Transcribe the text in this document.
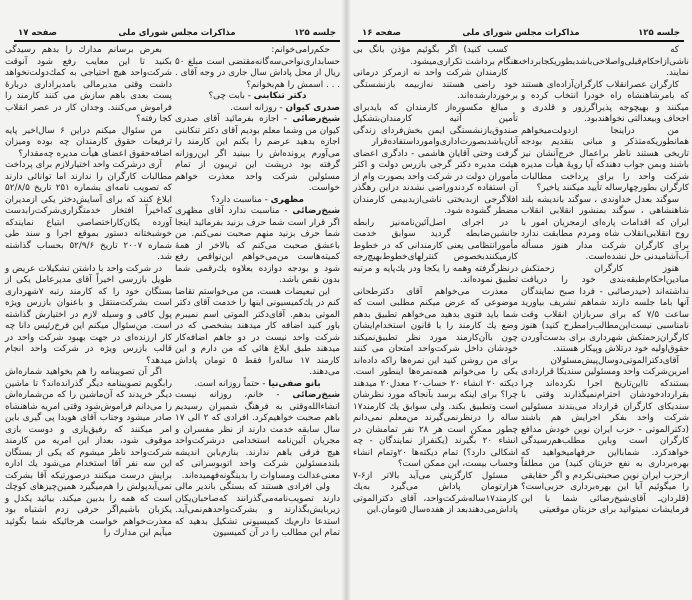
جلسه ۱۲۵
مذاکرات مجلس شورای ملی
صفحه ۱۷	جلسه ۱۲۵
مذاکرات مجلس شورای ملی
صفحه ۱۶

بعرض برسانم مدارك را بدهم رسیدگی بکنید تا این معایب رفع شود آنوقت شرکت‌واحد هیچ احتیاجی به کمك‌دولت‌نخواهد داشت وقتی مدیرمالی بامدیراداری دربارهٔ پست بعدی باهم سازش می کنند کارمند را فراموش می‌کنند. وجدان کار در عصر انقلاب کجا رفته؟

من سئوال میکنم دراین ۶ سال‌اخیر پایه ترفیعات حقوق کارمندان چه بوده ومیزان اضافه‌حقوق اعضای هیأت مدیره چه‌مقدار؟

آری درشرکت واحد اختیارلازم برای پرداخت مطالبات کارگران را ندارند اما توانائی دارند که تصویب نامه‌ای بشماره ۲۵۱ تاریخ ۵۲/۸/۵ ابلاغ کنند که برای آسایش‌دختر یکی ازمدیران که‌اخیراً افتخار خدمتگزاری‌شرکت‌رابدست آورده یکان‌کار‌اختصاصی ابتیاع نمایندکه خوشبختانه دستور بموقع اجرا و سند طی شماره ۲۰۰۷ تاریخ ۵۲/۹/۶ بحساب گذاشته شد.

در شرکت واحد با داشتن تشکیلات عریض و طویل بازرسی اخیراً آقای مدیرعامل یکی از بستگان خود را که کارمند رتبه ۷شهرداری است بشرکت‌منتقل و باعنوان بازرس ویژه پول کافی و وسیله لازم در اختیارش گذاشته است. من‌سئوال میکنم این فرخ‌رئیس دانا چه کار ارزنده‌ای در جهت بهبود شرکت واحد در قالب بازرس ویژه در شرکت واحد انجام میدهد؟

اگر آن تصویبنامه را هم بخواهید شماره‌اش رابگویم تصویبنامه دیگر گذرانده‌اند؟ تا ماشین دیگر خریدند که آن‌ماشین را که من‌شماره‌اش را می‌دانم فراموش‌شود وقتی امریه شاهنشاه صادر میشود وجناب آقای هویدا پی گیری باین امر میکنند که رفیق‌بازی و دوست بازی موقوف شود، بعداز این امریه من کارمند شرکت‌واحد ناظر میشوم که یکی از بستگان این سه نفر آقا استخدام می‌شود یك اداره برایش درست میکنند درصورتیکه آقا بشرکت نمی‌آیدپولش را هم‌میگیرد همین‌چیزهای کوچك است که همه را بدبین میکند. بیائید یکدل و یکزبان باشیم‌اگر حرفی زدم اشتباه بود معذرت‌خواهم خواست هرجائیکه شما بگوئید میآیم این مدارك را

حکم‌رامی‌خوانم: حسابداری‌نواحی‌سه‌گانه‌مقتضی است مبلغ ۵۰ ریال از محل پاداش سال جاری در وجه آقای . . . . اسمش را هم‌بخوانم؟

دکتر تنکابنی - بابت چی؟

صدری کیوان - روزانه است.

شیخ‌رضائی - اجازه بفرمائید آقای صدری کیوان من وشما معلم بودیم آقای دکتر تنکابنی اجازه بدهید عرضم را بکنم این کارمند را می‌آورم پرونده‌اش را ببینید اگر این‌روزانه گرفته بود درپشت این تریبون از تمام مسئولین شرکت واحد معذرت خواهم خواست.

مظهری - مناسبت دارد؟

شیخ‌رضائی - مناسبت ندارد آقای مظهری اگر قرار است شما حرف بزنید بفرمائید اینجا شما حرف بزنید منهم صحبت نمی‌کنم. من باعشق صحبت می‌کنم که بالاخر از همهٔ کمیته‌هاست من‌می‌خواهم این‌نواقص رفع شود و بودجه دوازده بعلاوه یك‌رقمی شما بدون نقص باشد.

این تبعیضات هست، من می‌خواستم تقاضا کنم در یك‌کمیسیونی اینها را خدمت آقای دکتر الموتی بدهم. آقای‌دکتر الموتی اسم نمیبرم باور کنید اضافه کار میدهند بشخصی که در شرکت واحد نیست در دو جا‌هم اضافه‌کار میدهند طبق ابلاغ هائی که من دارم و این کارمند ۱۷ ساله‌را فقط ۵ تومان پاداش می‌دهند.

بانو صفی‌نیا - حتماً روزانه است.

شیخ‌رضائی - خانم، روزانه نیست انشاءالله‌وقتی به فرهنگ شمیران رسیدیم باهم صحبت خواهیم‌کرد. افرادی که ۲ الی ۱۷ سال سابقه خدمت دارند از نظر مفسران و مجریان آئین‌نامه استخدامی درشرکت‌واحد هیچ فرقی باهم ندارند. بنازم‌بابن اندیشه بلندمسئولین شرکت واحد اتوبوسرانی که معنی‌عدالت ومساوات را بدینگونه‌فهمیده‌اند.

ولی افرادی هستند که بستگی باندیر مالی دارند تصویب‌نامه‌می‌گذرانند که‌صاحبان‌یکان زیربایش‌بگذارند و بشرکت‌واحدهم‌نمی‌آید. استدعا دارم‌یك کمیسیونی تشکیل بدهید که تمام این مطالب را در آن کمیسیون

کسب کنید) اگر بگوئیم مؤذن بانگ بی هنگام برداشت تکراری‌میشود.

کارمندان شرکت واحد نه ازمرکز درمانی خود راضی هستند نه‌ازبیمه بازنشستگی برخوردارشده‌اند.

مبالغ مکسوره‌از کارمندان که بایدبرای تأمین آتیه کارمندان‌بتشکیل صندوق‌بازنشستگی ایمن بخش‌فردای زندگی آنان‌باشد‌بصورت‌اداری‌وامورد‌استفاده‌قرار گرفت وحتی آقایان هاشمی - دادگری اعضای هیئت مدیره دکتر گرجی بازرس دولت و اکثر مأموران دولت در شرکت واحد بصورت وام از آن استفاده کردندوراضی نشدند دراین رهگذر افلاگرجی ازبدبختی ناشی‌ازبدبیمی کارمندان مضطر گشوده شود.

در اجرای اصل‌آئین‌نامه‌نیز رابطه جانشین‌ضابطه گردید سوابق خدمت مأمورانتظامی یعنی کارمندانی که در خطوط کارمیکنند‌بخصوص کنترلهای‌خطوط‌بهیچ‌رجه درنظرگرفته وهمه را یکجا ودر یك‌پایه و مرتبه تطبیق نموده‌اند.

معذرت می‌خواهم آقای دکترطحانی موضوعی که عرض میکنم مطلبی است که شما باید فتوی بدهید می‌خواهم تطبیق بدهم وضع یك کارمند را با قانون استخدام‌ایشان چون باآن‌کارمند مورد نظر تطبیق‌نمیکند خودشان داخل شرکت‌واحد امتحان می کنند برای من روشن کنید این نمره‌ها راکه داده‌اند یکی را می‌خوانم همه‌نمره‌ها اینطور است. دیکته ۲۰ انشاء ۲۰ حساب۲۰ معدل۲۰ میدهند چرا؟ برای اینکه برسد بآنجاکه مورد نظرشان است وتطبیق بکند. ولی سوابق یك کارمند۱۷ ساله را درنظرنمی‌گیرند من‌معلم نمی‌دانم چطور ممکن است هر ۲۸ نفر تمامشان در انشاء ۲۰ بگیرند (یکنفراز نمایندگان - چه اشکالی دارد؟) تمام دیکته‌ها ۲۰وتمام انشاء وحساب بیست، این ممکن است؟

مسئول کارگزینی می‌آید بالاتر از۶-۷ هزارتومان پاداش می‌گیرد به‌یك کارمند۱۷ساله‌شرکت‌واحد، آقای دکترالموتی پاداش‌می‌دهندبعد از هفده‌سال ۵تومان.این

که ناشی‌ازاحکام‌قبلی‌واصلاحی‌باشدبطوریکجابرداخت نمایند.

کارگران عصرانقلاب کارگران‌آزاده‌ای هستند که بامرشاهنشاه راه خودرا انتخاب کرده و میکنند و بهیچوجه پذیراگرزور و قلدری و اجحاف وبیعدالتی نخواهندبود.

من دراینجا ازدولت‌میخواهم همانطوریکه‌متذکر و مبانی بتقدیم بودجه تاریخی هستند ناظر براعمال خرج‌آنشان نیز باشند وبمن جواب دهندکه آیا رویهٔ هیأت مدیره شرکت واحد را برای پرداخت مطالبات کارگران بطورچهارساله تأیید میکنند یاخیر؟

سوگند بعدل خداوندی ، سوگند باندیشه بلند شاهنشاهی ، سوگند بمنشور انقلابی انقلاب ایران که اقدامات پاره‌ای ازمجریان امور با روح انقلابی‌انقلاب شاه ومردم مطابقت ندارد برای کارگران شرکت مدار هنوز مسأله آب‌آشامیدنی حل نشده‌است.

هنوز کارگران زحمتکش مبادین‌احکام‌طبقه‌بندی خود را دریافت نداشته‌اند (حیدرصائبی - فردا صبح نمایندگان آنها باما جلسه دارند شماهم تشریف بیاورید ساعت ۷/۵ که برای سربازان انقلاب وقت نامناسبی نیست‌این‌مطالب‌را‌مطرح کنید) هنوز کارگران‌زحمتکش شهرداری برای بدست‌آوردن حقوق‌اولیه خود درتلاش وپیکار هستند.

آقای‌دکترالموتی‌دوسال‌پیش‌مسئولان امرین‌شرکت واحد ومسئولین سندیکا قراردادی بستندکه تااین‌تاریخ اجرا نکرده‌اند چرا بقراردادخودشان احترام‌نمیگذارند وقتی با سندیکای کارگران قرارداد می‌بندند مسئولین شرکت واحد بفکر اجرایش هم باشند (دکترالموتی - حزب ایران نوین خودش مدافع کارگران است وباین مطلب‌هم‌رسیدگی خواهدکرد. شمابااین حرفهامیخواهید که بهره‌برداری به نفع حزبتان کنید) من مطلقاً ازحزب ایران نوین صحبتی‌نکردم و اگر حقایقی را میگوئیم آیا این بهره‌برداری حزبی‌است؟(قلردان‌ـ آقای‌شیخ‌رضائی شما با این فرمایشات نمیتوانید برای حزبتان موقعیتی
